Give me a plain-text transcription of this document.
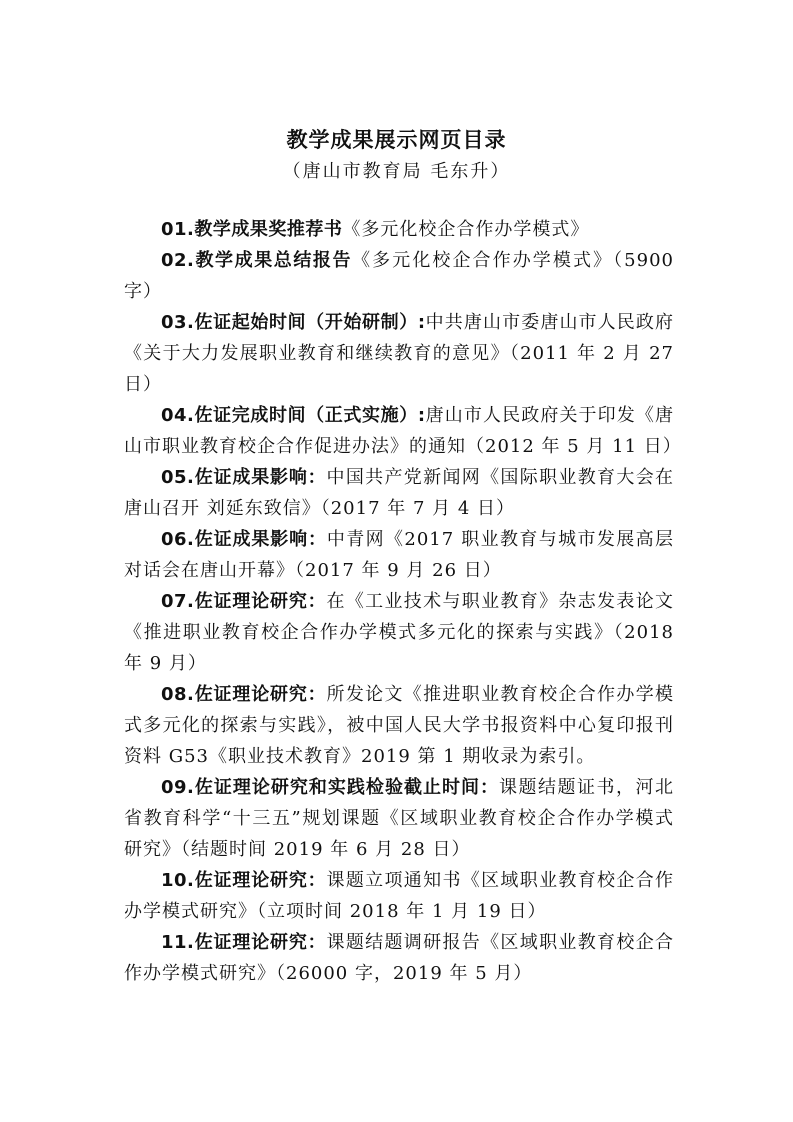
教学成果展示网页目录
（唐山市教育局 毛东升）
01.教学成果奖推荐书《多元化校企合作办学模式》
02.教学成果总结报告《多元化校企合作办学模式》（5900字）
03.佐证起始时间（开始研制）:中共唐山市委唐山市人民政府《关于大力发展职业教育和继续教育的意见》（2011 年 2 月 27 日）
04.佐证完成时间（正式实施）:唐山市人民政府关于印发《唐山市职业教育校企合作促进办法》的通知（2012 年 5 月 11 日）
05.佐证成果影响：中国共产党新闻网《国际职业教育大会在唐山召开 刘延东致信》（2017 年 7 月 4 日）
06.佐证成果影响：中青网《2017 职业教育与城市发展高层对话会在唐山开幕》（2017 年 9 月 26 日）
07.佐证理论研究：在《工业技术与职业教育》杂志发表论文《推进职业教育校企合作办学模式多元化的探索与实践》（2018 年 9 月）
08.佐证理论研究：所发论文《推进职业教育校企合作办学模式多元化的探索与实践》，被中国人民大学书报资料中心复印报刊资料 G53《职业技术教育》2019 第 1 期收录为索引。
09.佐证理论研究和实践检验截止时间：课题结题证书，河北省教育科学“十三五”规划课题《区域职业教育校企合作办学模式研究》（结题时间 2019 年 6 月 28 日）
10.佐证理论研究：课题立项通知书《区域职业教育校企合作办学模式研究》（立项时间 2018 年 1 月 19 日）
11.佐证理论研究：课题结题调研报告《区域职业教育校企合作办学模式研究》（26000 字，2019 年 5 月）
